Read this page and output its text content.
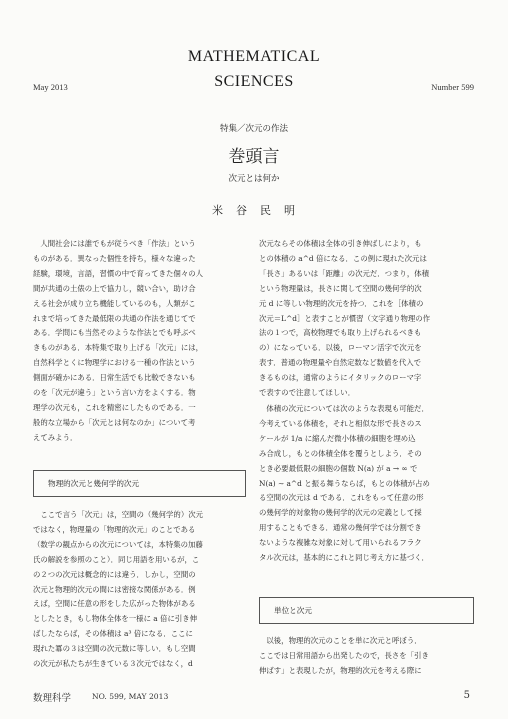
MATHEMATICAL
SCIENCES
May 2013	Number 599
特集／次元の作法
巻頭言
次元とは何か
米　谷　民　明

　人間社会には誰でもが従うべき「作法」という

ものがある．異なった個性を持ち，様々な違った

経験，環境，言語，習慣の中で育ってきた個々の人

間が共通の土俵の上で協力し，競い合い，助け合

える社会が成り立ち機能しているのも，人類がこ

れまで培ってきた最低限の共通の作法を通じてで

ある．学問にも当然そのような作法とでも呼ぶべ

きものがある．本特集で取り上げる「次元」には，

自然科学とくに物理学における一種の作法という

側面が確かにある．日常生活でも比較できないも

のを「次元が違う」という言い方をよくする．物

理学の次元も，これを精密にしたものである．一

般的な立場から「次元とは何なのか」について考

えてみよう．

物理的次元と幾何学的次元

　ここで言う「次元」は，空間の（幾何学的）次元

ではなく，物理量の「物理的次元」のことである

（数学の観点からの次元については，本特集の加藤

氏の解説を参照のこと）．同じ用語を用いるが，こ

の２つの次元は概念的には違う．しかし，空間の

次元と物理的次元の間には密接な関係がある．例

えば，空間に任意の形をした広がった物体がある

としたとき，もし物体全体を一様に a 倍に引き伸

ばしたならば，その体積は a³ 倍になる．ここに

現れた冪の３は空間の次元数に等しい．もし空間

の次元が私たちが生きている３次元ではなく，d

次元ならその体積は全体の引き伸ばしにより，も

との体積の a^d 倍になる．この例に現れた次元は

「長さ」あるいは「距離」の次元だ．つまり，体積

という物理量は，長さに関して空間の幾何学的次

元 d に等しい物理的次元を持つ．これを［体積の

次元＝L^d］と表すことが慣習（文字通り物理の作

法の１つで，高校物理でも取り上げられるべきも

の）になっている．以後，ローマン活字で次元を

表す．普通の物理量や自然定数など数値を代入で

きるものは，通常のようにイタリックのローマ字

で表すので注意してほしい．

　体積の次元については次のような表現も可能だ．

今考えている体積を，それと相似な形で長さのス

ケールが 1/a に縮んだ微小体積の細胞を埋め込

み合成し，もとの体積全体を覆うとしよう．その

とき必要最低限の細胞の個数 N(a) が a → ∞ で

N(a) ∼ a^d と振る舞うならば，もとの体積が占め

る空間の次元は d である．これをもって任意の形

の幾何学的対象物の幾何学的次元の定義として採

用することもできる．通常の幾何学では分割でき

ないような複雑な対象に対して用いられるフラク

タル次元は，基本的にこれと同じ考え方に基づく．

単位と次元

　以後，物理的次元のことを単に次元と呼ぼう．

ここでは日常用語から出発したので，長さを「引き

伸ばす」と表現したが，物理的次元を考える際に

数理科学	NO. 599, MAY 2013	5
